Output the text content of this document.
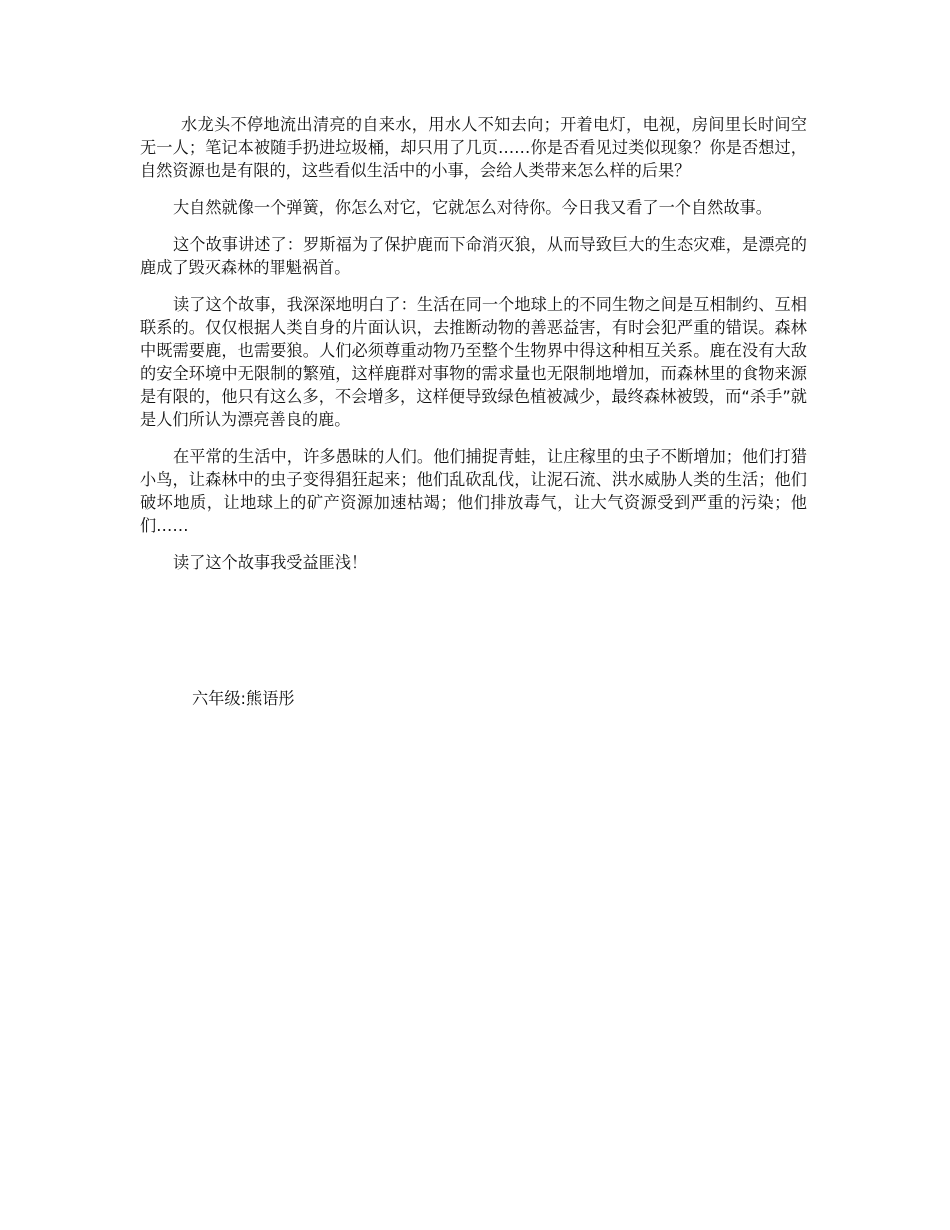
水龙头不停地流出清亮的自来水，用水人不知去向；开着电灯，电视，房间里长时间空无一人；笔记本被随手扔进垃圾桶，却只用了几页……你是否看见过类似现象？你是否想过，自然资源也是有限的，这些看似生活中的小事，会给人类带来怎么样的后果？

大自然就像一个弹簧，你怎么对它，它就怎么对待你。今日我又看了一个自然故事。

这个故事讲述了：罗斯福为了保护鹿而下命消灭狼，从而导致巨大的生态灾难，是漂亮的鹿成了毁灭森林的罪魁祸首。

读了这个故事，我深深地明白了：生活在同一个地球上的不同生物之间是互相制约、互相联系的。仅仅根据人类自身的片面认识，去推断动物的善恶益害，有时会犯严重的错误。森林中既需要鹿，也需要狼。人们必须尊重动物乃至整个生物界中得这种相互关系。鹿在没有大敌的安全环境中无限制的繁殖，这样鹿群对事物的需求量也无限制地增加，而森林里的食物来源是有限的，他只有这么多，不会增多，这样便导致绿色植被减少，最终森林被毁，而“杀手”就是人们所认为漂亮善良的鹿。

在平常的生活中，许多愚昧的人们。他们捕捉青蛙，让庄稼里的虫子不断增加；他们打猎小鸟，让森林中的虫子变得猖狂起来；他们乱砍乱伐，让泥石流、洪水威胁人类的生活；他们破坏地质，让地球上的矿产资源加速枯竭；他们排放毒气，让大气资源受到严重的污染；他们……

读了这个故事我受益匪浅！

六年级:熊语彤
